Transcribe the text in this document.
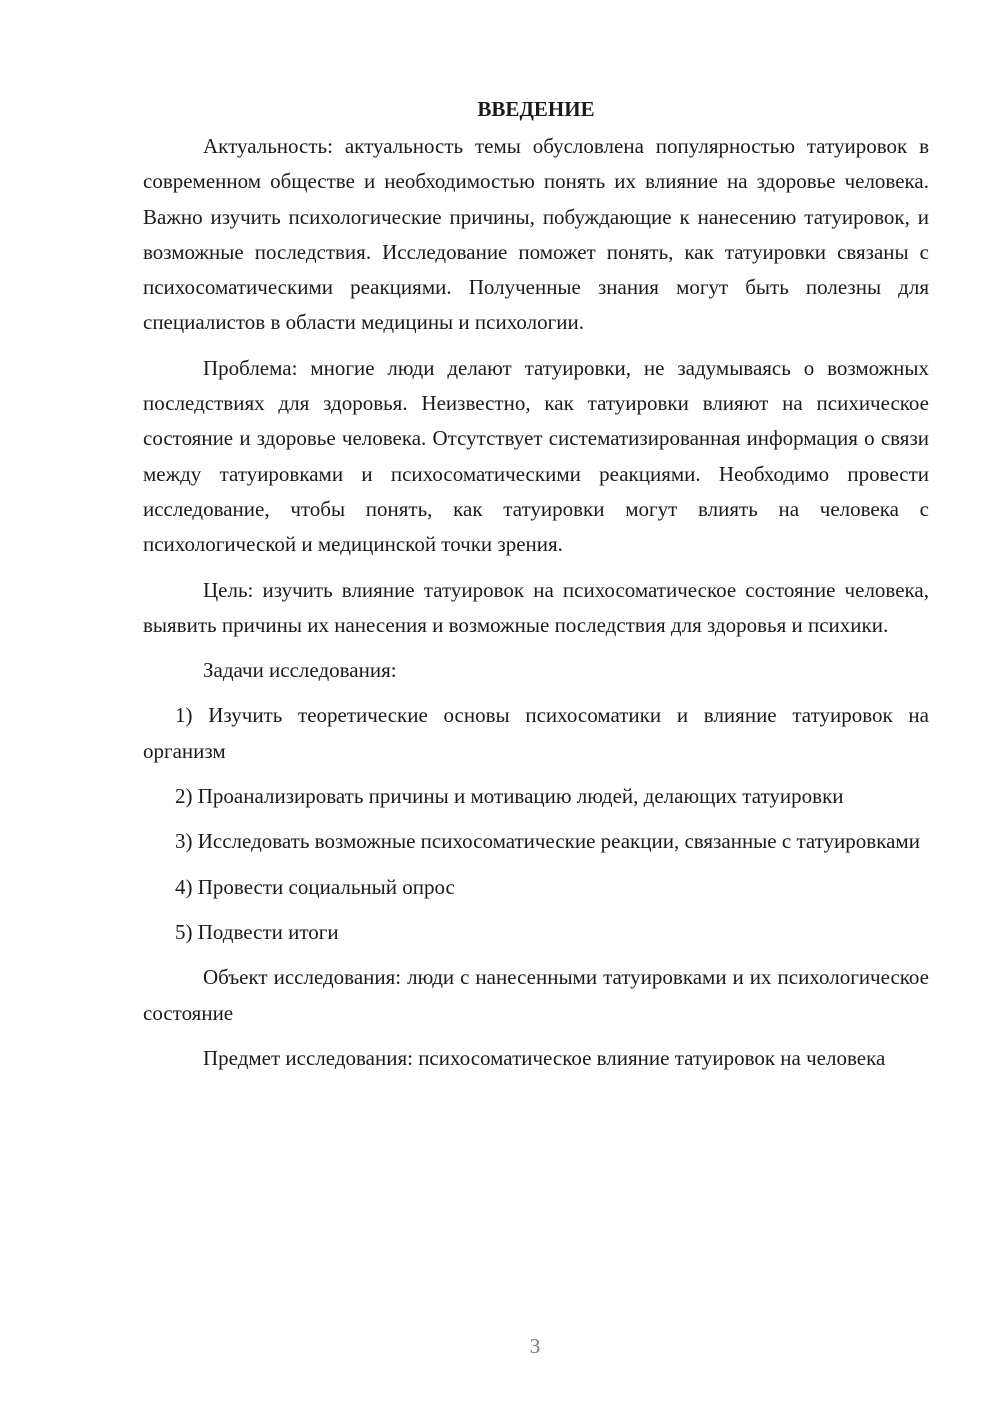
ВВЕДЕНИЕ

Актуальность: актуальность темы обусловлена популярностью татуировок в современном обществе и необходимостью понять их влияние на здоровье человека. Важно изучить психологические причины, побуждающие к нанесению татуировок, и возможные последствия. Исследование поможет понять, как татуировки связаны с психосоматическими реакциями. Полученные знания могут быть полезны для специалистов в области медицины и психологии.

Проблема: многие люди делают татуировки, не задумываясь о возможных последствиях для здоровья. Неизвестно, как татуировки влияют на психическое состояние и здоровье человека. Отсутствует систематизированная информация о связи между татуировками и психосоматическими реакциями. Необходимо провести исследование, чтобы понять, как татуировки могут влиять на человека с психологической и медицинской точки зрения.

Цель: изучить влияние татуировок на психосоматическое состояние человека, выявить причины их нанесения и возможные последствия для здоровья и психики.

Задачи исследования:

1) Изучить теоретические основы психосоматики и влияние татуировок на организм

2) Проанализировать причины и мотивацию людей, делающих татуировки

3) Исследовать возможные психосоматические реакции, связанные с татуировками

4) Провести социальный опрос

5) Подвести итоги

Объект исследования: люди с нанесенными татуировками и их психологическое состояние

Предмет исследования: психосоматическое влияние татуировок на человека

3
